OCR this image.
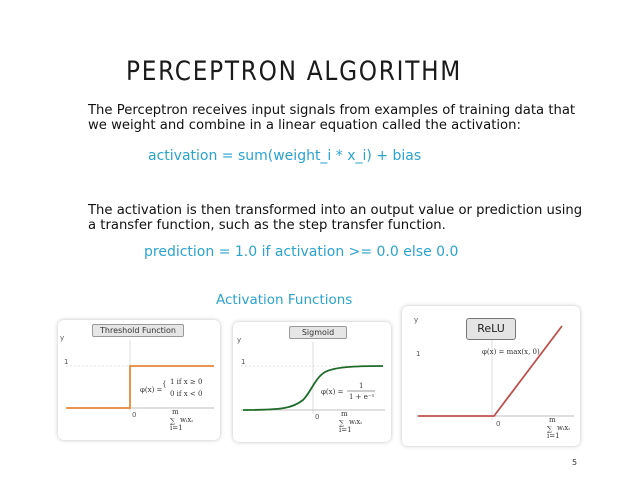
PERCEPTRON ALGORITHM
The Perceptron receives input signals from examples of training data that we weight and combine in a linear equation called the activation:
activation = sum(weight_i * x_i) + bias
The activation is then transformed into an output value or prediction using a transfer function, such as the step transfer function.
prediction = 1.0 if activation >= 0.0 else 0.0
Activation Functions
y
1
0
φ(x) =
1 if x ≥ 0
0 if x < 0
{
m
∑
i=1
wᵢxᵢ
Threshold Function
y
1
0
φ(x) =
1
1 + e⁻ˣ
m
∑
i=1
wᵢxᵢ
Sigmoid
y
1
0
φ(x) = max(x, 0)
m
∑
i=1
wᵢxᵢ
ReLU
5
